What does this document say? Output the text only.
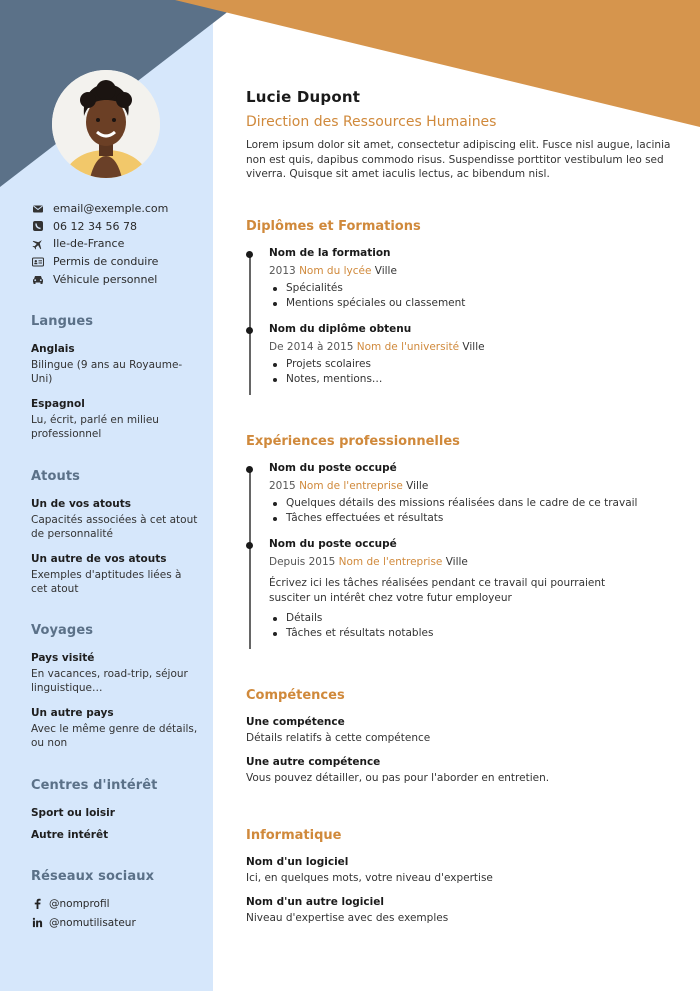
email@exemple.com
06 12 34 56 78
Ile-de-France
Permis de conduire
Véhicule personnel
Langues
Anglais
Bilingue (9 ans au Royaume-Uni)
Espagnol
Lu, écrit, parlé en milieu professionnel
Atouts
Un de vos atouts
Capacités associées à cet atout de personnalité
Un autre de vos atouts
Exemples d'aptitudes liées à cet atout
Voyages
Pays visité
En vacances, road-trip, séjour linguistique…
Un autre pays
Avec le même genre de détails, ou non
Centres d'intérêt
Sport ou loisir
Autre intérêt
Réseaux sociaux
@nomprofil
@nomutilisateur
Lucie Dupont
Direction des Ressources Humaines
Lorem ipsum dolor sit amet, consectetur adipiscing elit. Fusce nisl augue, lacinia non est quis, dapibus commodo risus. Suspendisse porttitor vestibulum leo sed viverra. Quisque sit amet iaculis lectus, ac bibendum nisl.
Diplômes et Formations
Nom de la formation
2013 Nom du lycée Ville
Spécialités
Mentions spéciales ou classement
Nom du diplôme obtenu
De 2014 à 2015 Nom de l'université Ville
Projets scolaires
Notes, mentions…
Expériences professionnelles
Nom du poste occupé
2015 Nom de l'entreprise Ville
Quelques détails des missions réalisées dans le cadre de ce travail
Tâches effectuées et résultats
Nom du poste occupé
Depuis 2015 Nom de l'entreprise Ville
Écrivez ici les tâches réalisées pendant ce travail qui pourraient susciter un intérêt chez votre futur employeur
Détails
Tâches et résultats notables
Compétences
Une compétence
Détails relatifs à cette compétence
Une autre compétence
Vous pouvez détailler, ou pas pour l'aborder en entretien.
Informatique
Nom d'un logiciel
Ici, en quelques mots, votre niveau d'expertise
Nom d'un autre logiciel
Niveau d'expertise avec des exemples
